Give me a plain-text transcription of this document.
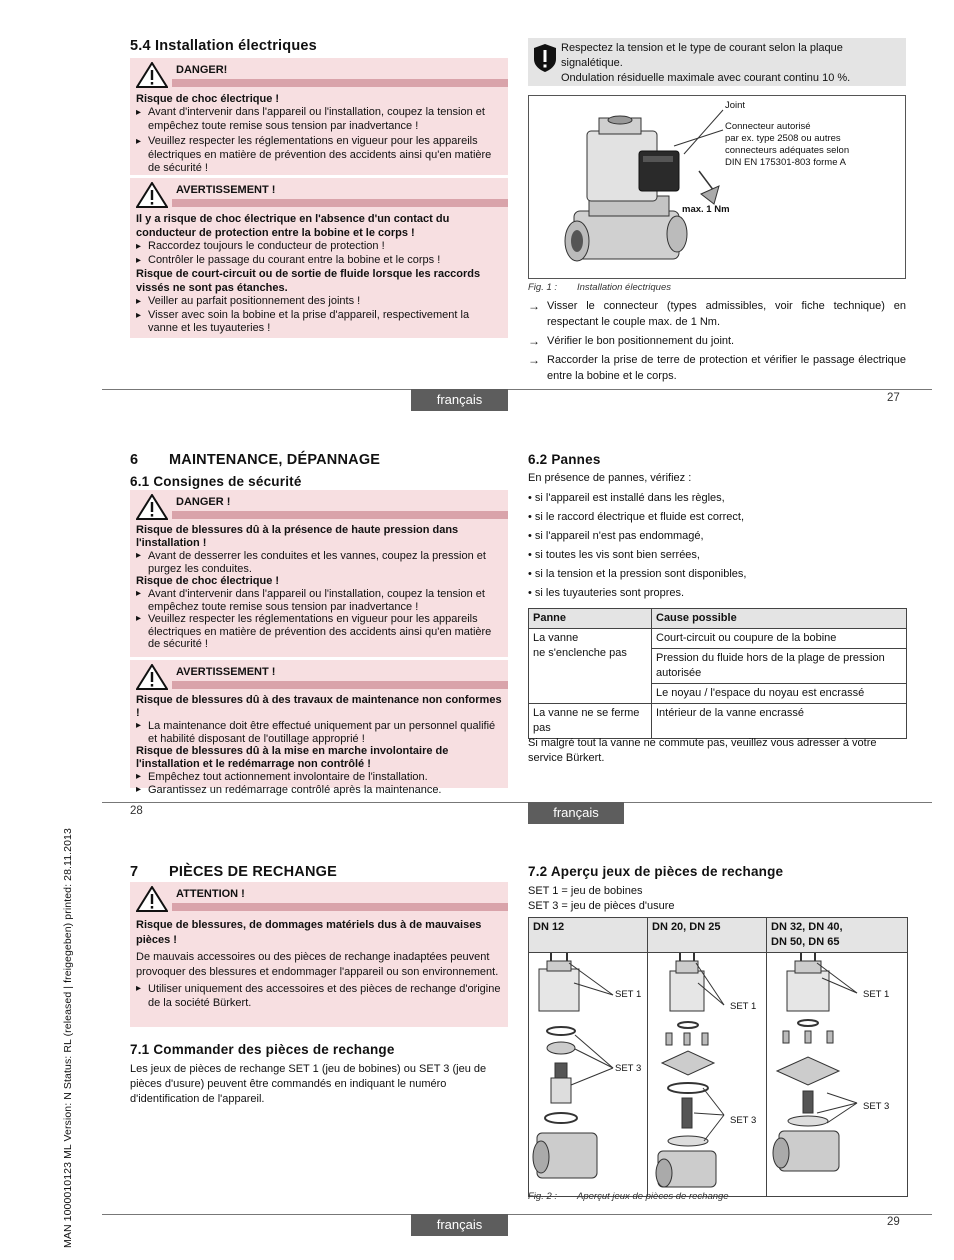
MAN 1000010123 ML Version: N Status: RL (released | freigegeben) printed: 28.11.2013
5.4 Installation électriques
DANGER!

Risque de choc électrique !

▸ Avant d'intervenir dans l'appareil ou l'installation, coupez la tension et empêchez toute remise sous tension par inadvertance !
▸ Veuillez respecter les réglementations en vigueur pour les appareils électriques en matière de prévention des accidents ainsi qu'en matière de sécurité !
AVERTISSEMENT !

Il y a risque de choc électrique en l'absence d'un contact du conducteur de protection entre la bobine et le corps !

▸ Raccordez toujours le conducteur de protection !
▸ Contrôler le passage du courant entre la bobine et le corps !

Risque de court-circuit ou de sortie de fluide lorsque les raccords vissés ne sont pas étanches.

▸ Veiller au parfait positionnement des joints !
▸ Visser avec soin la bobine et la prise d'appareil, respectivement la vanne et les tuyauteries !
Respectez la tension et le type de courant selon la plaque signalétique.
Ondulation résiduelle maximale avec courant continu 10 %.
Joint
Connecteur autorisé
par ex. type 2508 ou autres
connecteurs adéquates selon
DIN EN 175301-803 forme A
max. 1 Nm
Fig. 1 : Installation électriques
→ Visser le connecteur (types admissibles, voir fiche technique) en respectant le couple max. de 1 Nm.
→ Vérifier le bon positionnement du joint.
→ Raccorder la prise de terre de protection et vérifier le passage électrique entre la bobine et le corps.
français	27
6 MAINTENANCE, DÉPANNAGE
6.1 Consignes de sécurité
DANGER !

Risque de blessures dû à la présence de haute pression dans l'installation !

▸ Avant de desserrer les conduites et les vannes, coupez la pression et purgez les conduites.

Risque de choc électrique !

▸ Avant d'intervenir dans l'appareil ou l'installation, coupez la tension et empêchez toute remise sous tension par inadvertance !
▸ Veuillez respecter les réglementations en vigueur pour les appareils électriques en matière de prévention des accidents ainsi qu'en matière de sécurité !
AVERTISSEMENT !

Risque de blessures dû à des travaux de maintenance non conformes !

▸ La maintenance doit être effectué uniquement par un personnel qualifié et habilité disposant de l'outillage approprié !

Risque de blessures dû à la mise en marche involontaire de l'installation et le redémarrage non contrôlé !

▸ Empêchez tout actionnement involontaire de l'installation.
▸ Garantissez un redémarrage contrôlé après la maintenance.
6.2 Pannes
En présence de pannes, vérifiez :
• si l'appareil est installé dans les règles,
• si le raccord électrique et fluide est correct,
• si l'appareil n'est pas endommagé,
• si toutes les vis sont bien serrées,
• si la tension et la pression sont disponibles,
• si les tuyauteries sont propres.
Panne	Cause possible
La vanne
ne s'enclenche pas	Court-circuit ou coupure de la bobine
	Pression du fluide hors de la plage de pression autorisée
	Le noyau / l'espace du noyau est encrassé
La vanne ne se ferme pas	Intérieur de la vanne encrassé

Si malgré tout la vanne ne commute pas, veuillez vous adresser à votre service Bürkert.

28	français
7 PIÈCES DE RECHANGE
ATTENTION !

Risque de blessures, de dommages matériels dus à de mauvaises pièces !

De mauvais accessoires ou des pièces de rechange inadaptées peuvent provoquer des blessures et endommager l'appareil ou son environnement.

▸ Utiliser uniquement des accessoires et des pièces de rechange d'origine de la société Bürkert.
7.1 Commander des pièces de rechange

Les jeux de pièces de rechange SET 1 (jeu de bobines) ou SET 3 (jeu de pièces d'usure) peuvent être commandés en indiquant le numéro d'identification de l'appareil.

7.2 Aperçu jeux de pièces de rechange
SET 1 = jeu de bobines
SET 3 = jeu de pièces d'usure
DN 12	DN 20, DN 25	DN 32, DN 40,
DN 50, DN 65

SET 1
SET 3	SET 1
SET 3	SET 1
SET 3
Fig. 2 : Aperçut jeux de pièces de rechange
français	29
